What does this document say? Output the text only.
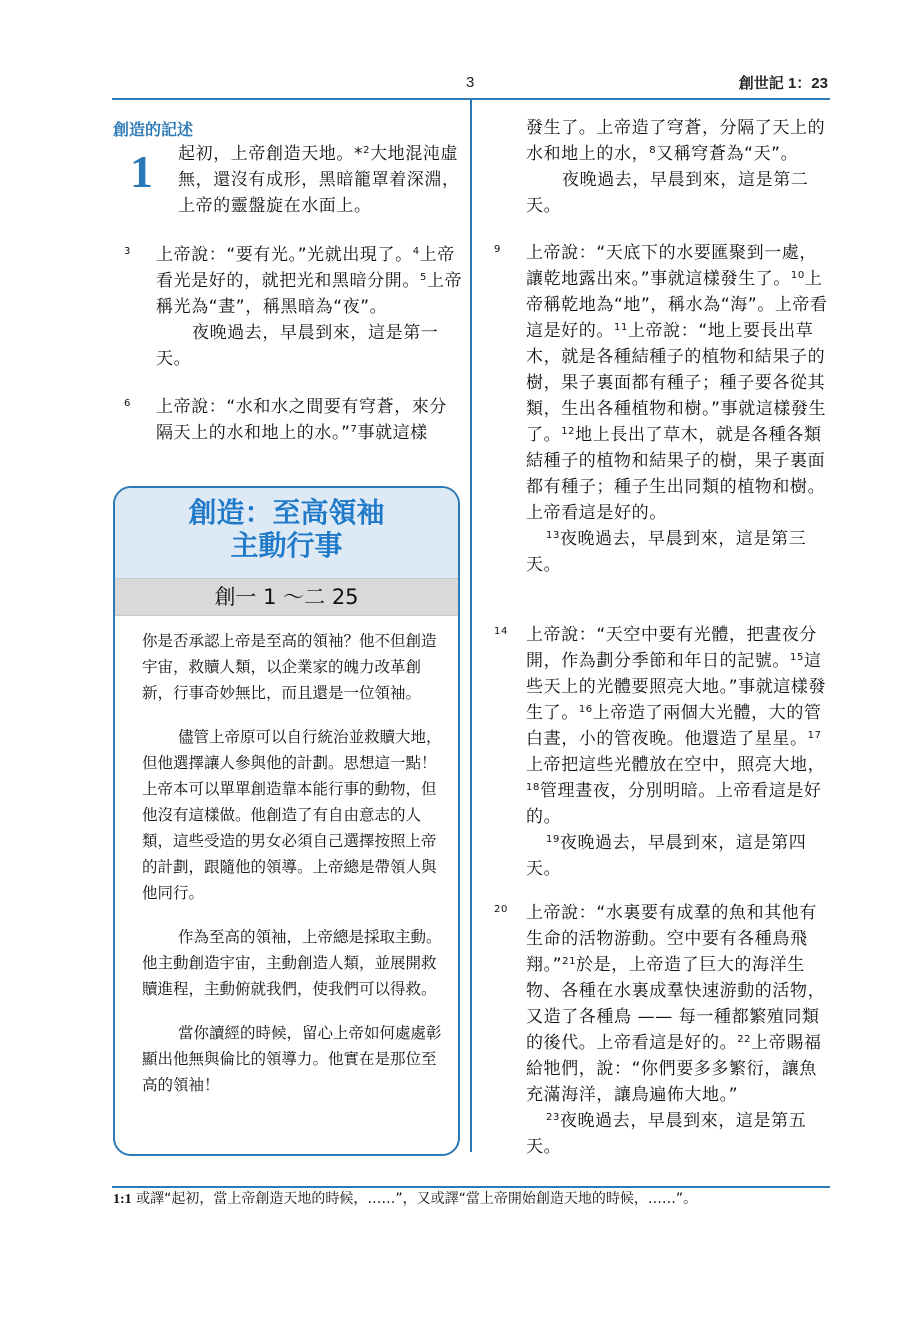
3	創世記 1：23
創造的記述
1 起初，上帝創造天地。*$^2$大地混沌虛無，還沒有成形，黑暗籠罩着深淵，上帝的靈盤旋在水面上。

$^3$ 上帝說：“要有光。”光就出現了。$^4$上帝看光是好的，就把光和黑暗分開。$^5$上帝稱光為“晝”，稱黑暗為“夜”。

夜晚過去，早晨到來，這是第一天。

$^6$ 上帝說：“水和水之間要有穹蒼，來分隔天上的水和地上的水。”$^7$事就這樣

創造：至高領袖
主動行事
創一 1 ～二 25

你是否承認上帝是至高的領袖？他不但創造宇宙，救贖人類，以企業家的魄力改革創新，行事奇妙無比，而且還是一位領袖。

儘管上帝原可以自行統治並救贖大地，但他選擇讓人參與他的計劃。思想這一點！上帝本可以單單創造靠本能行事的動物，但他沒有這樣做。他創造了有自由意志的人類，這些受造的男女必須自己選擇按照上帝的計劃，跟隨他的領導。上帝總是帶領人與他同行。

作為至高的領袖，上帝總是採取主動。他主動創造宇宙，主動創造人類，並展開救贖進程，主動俯就我們，使我們可以得救。

當你讀經的時候，留心上帝如何處處彰顯出他無與倫比的領導力。他實在是那位至高的領袖！

發生了。上帝造了穹蒼，分隔了天上的水和地上的水，$^8$又稱穹蒼為“天”。

夜晚過去，早晨到來，這是第二天。

$^9$ 上帝說：“天底下的水要匯聚到一處，讓乾地露出來。”事就這樣發生了。$^{10}$上帝稱乾地為“地”，稱水為“海”。上帝看這是好的。$^{11}$上帝說：“地上要長出草木，就是各種結種子的植物和結果子的樹，果子裏面都有種子；種子要各從其類，生出各種植物和樹。”事就這樣發生了。$^{12}$地上長出了草木，就是各種各類結種子的植物和結果子的樹，果子裏面都有種子；種子生出同類的植物和樹。上帝看這是好的。

$^{13}$夜晚過去，早晨到來，這是第三天。

$^{14}$ 上帝說：“天空中要有光體，把晝夜分開，作為劃分季節和年日的記號。$^{15}$這些天上的光體要照亮大地。”事就這樣發生了。$^{16}$上帝造了兩個大光體，大的管白晝，小的管夜晚。他還造了星星。$^{17}$上帝把這些光體放在空中，照亮大地，$^{18}$管理晝夜，分別明暗。上帝看這是好的。

$^{19}$夜晚過去，早晨到來，這是第四天。

$^{20}$ 上帝說：“水裏要有成羣的魚和其他有生命的活物游動。空中要有各種鳥飛翔。”$^{21}$於是，上帝造了巨大的海洋生物、各種在水裏成羣快速游動的活物，又造了各種鳥 —— 每一種都繁殖同類的後代。上帝看這是好的。$^{22}$上帝賜福給牠們，說：“你們要多多繁衍，讓魚充滿海洋，讓鳥遍佈大地。”

$^{23}$夜晚過去，早晨到來，這是第五天。

1:1 或譯“起初，當上帝創造天地的時候，……”，又或譯“當上帝開始創造天地的時候，……”。
